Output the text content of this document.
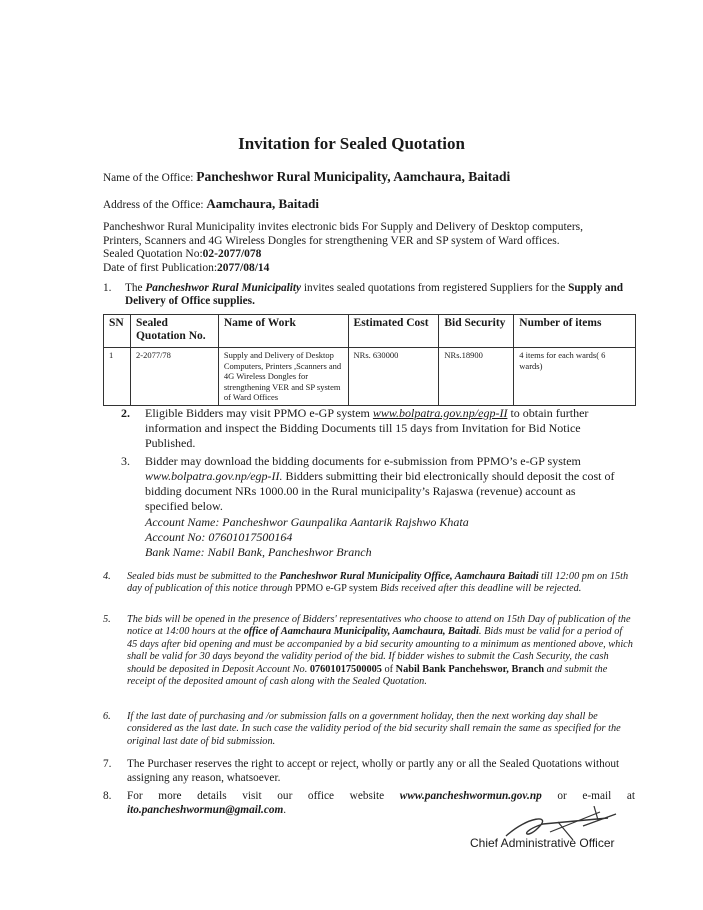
Invitation for Sealed Quotation
Name of the Office: Pancheshwor Rural Municipality, Aamchaura, Baitadi
Address of the Office: Aamchaura, Baitadi

Pancheshwor Rural Municipality invites electronic bids For Supply and Delivery of Desktop computers, Printers, Scanners and 4G Wireless Dongles for strengthening VER and SP system of Ward offices.

Sealed Quotation No:02-2077/078

Date of first Publication:2077/08/14

1. The Pancheshwor Rural Municipality invites sealed quotations from registered Suppliers for the Supply and Delivery of Office supplies.
SN	Sealed Quotation No.	Name of Work	Estimated Cost	Bid Security	Number of items
1	2-2077/78	Supply and Delivery of Desktop Computers, Printers ,Scanners and 4G Wireless Dongles for strengthening VER and SP system of Ward Offices	NRs. 630000	NRs.18900	4 items for each wards( 6 wards)
2. Eligible Bidders may visit PPMO e-GP system www.bolpatra.gov.np/egp-II to obtain further information and inspect the Bidding Documents till 15 days from Invitation for Bid Notice Published.
3. Bidder may download the bidding documents for e-submission from PPMO’s e-GP system www.bolpatra.gov.np/egp-II. Bidders submitting their bid electronically should deposit the cost of bidding document NRs 1000.00 in the Rural municipality’s Rajaswa (revenue) account as specified below.
Account Name: Pancheshwor Gaunpalika Aantarik Rajshwo Khata
Account No: 07601017500164
Bank Name: Nabil Bank, Pancheshwor Branch
4. Sealed bids must be submitted to the Pancheshwor Rural Municipality Office, Aamchaura Baitadi till 12:00 pm on 15th day of publication of this notice through PPMO e-GP system Bids received after this deadline will be rejected.
5. The bids will be opened in the presence of Bidders' representatives who choose to attend on 15th Day of publication of the notice at 14:00 hours at the office of Aamchaura Municipality, Aamchaura, Baitadi. Bids must be valid for a period of 45 days after bid opening and must be accompanied by a bid security amounting to a minimum as mentioned above, which shall be valid for 30 days beyond the validity period of the bid. If bidder wishes to submit the Cash Security, the cash should be deposited in Deposit Account No. 07601017500005 of Nabil Bank Panchehswor, Branch and submit the receipt of the deposited amount of cash along with the Sealed Quotation.
6. If the last date of purchasing and /or submission falls on a government holiday, then the next working day shall be considered as the last date. In such case the validity period of the bid security shall remain the same as specified for the original last date of bid submission.
7. The Purchaser reserves the right to accept or reject, wholly or partly any or all the Sealed Quotations without assigning any reason, whatsoever.
8. For more details visit our office website www.pancheshwormun.gov.np or e-mail at ito.pancheshwormun@gmail.com.
Chief Administrative Officer
